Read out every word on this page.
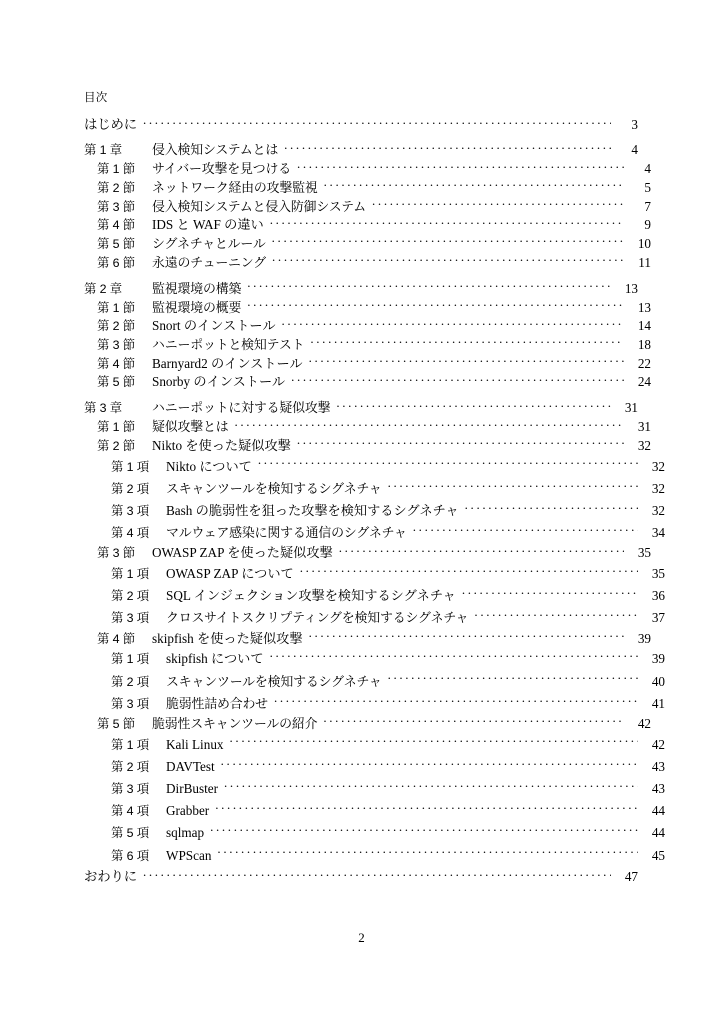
目次
はじめに . . .	3
第 1 章	侵入検知システムとは . . .	4
第 1 節	サイバー攻撃を見つける . . .	4
第 2 節	ネットワーク経由の攻撃監視 . . .	5
第 3 節	侵入検知システムと侵入防御システム . . .	7
第 4 節	IDS と WAF の違い . . .	9
第 5 節	シグネチャとルール . . .	10
第 6 節	永遠のチューニング . . .	11
第 2 章	監視環境の構築 . . .	13
第 1 節	監視環境の概要 . . .	13
第 2 節	Snort のインストール . . .	14
第 3 節	ハニーポットと検知テスト . . .	18
第 4 節	Barnyard2 のインストール . . .	22
第 5 節	Snorby のインストール . . .	24
第 3 章	ハニーポットに対する疑似攻撃 . . .	31
第 1 節	疑似攻撃とは . . .	31
第 2 節	Nikto を使った疑似攻撃 . . .	32
第 1 項	Nikto について . . .	32
第 2 項	スキャンツールを検知するシグネチャ . . .	32
第 3 項	Bash の脆弱性を狙った攻撃を検知するシグネチャ . . .	32
第 4 項	マルウェア感染に関する通信のシグネチャ . . .	34
第 3 節	OWASP ZAP を使った疑似攻撃 . . .	35
第 1 項	OWASP ZAP について . . .	35
第 2 項	SQL インジェクション攻撃を検知するシグネチャ . . .	36
第 3 項	クロスサイトスクリプティングを検知するシグネチャ . . .	37
第 4 節	skipfish を使った疑似攻撃 . . .	39
第 1 項	skipfish について . . .	39
第 2 項	スキャンツールを検知するシグネチャ . . .	40
第 3 項	脆弱性詰め合わせ . . .	41
第 5 節	脆弱性スキャンツールの紹介 . . .	42
第 1 項	Kali Linux . . .	42
第 2 項	DAVTest . . .	43
第 3 項	DirBuster . . .	43
第 4 項	Grabber . . .	44
第 5 項	sqlmap . . .	44
第 6 項	WPScan . . .	45
おわりに . . .	47
2
